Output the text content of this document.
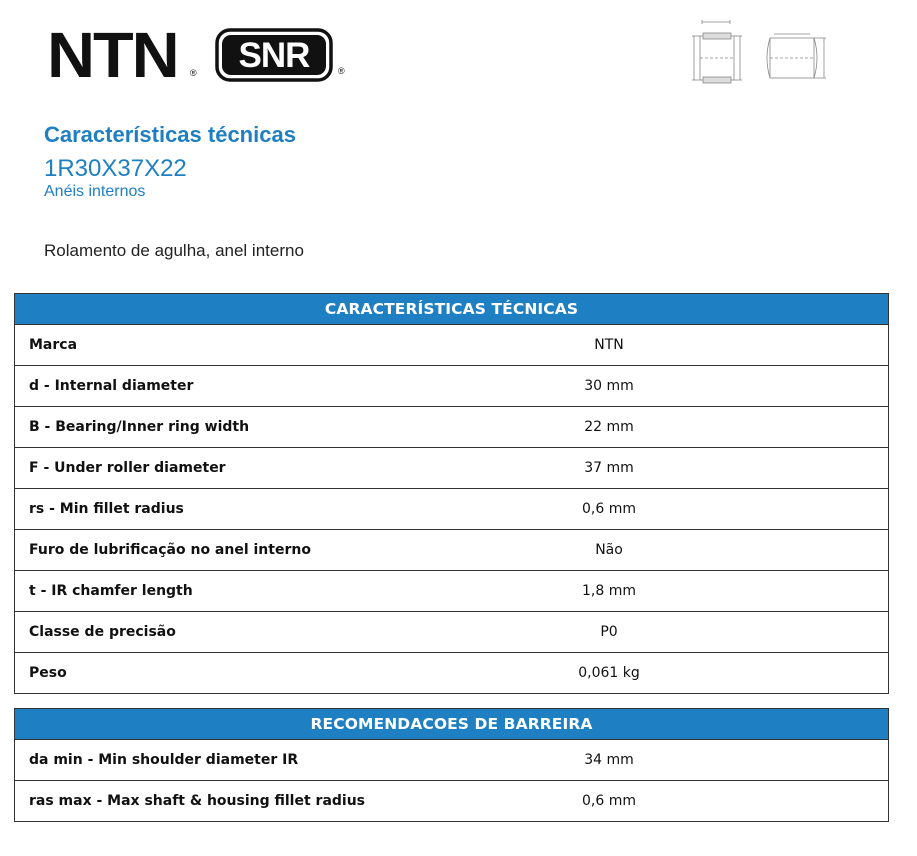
NTN ® SNR	®
Características técnicas
1R30X37X22
Anéis internos
Rolamento de agulha, anel interno
CARACTERÍSTICAS TÉCNICAS
Marca	NTN
d - Internal diameter	30 mm
B - Bearing/Inner ring width	22 mm
F - Under roller diameter	37 mm
rs - Min fillet radius	0,6 mm
Furo de lubrificação no anel interno	Não
t - IR chamfer length	1,8 mm
Classe de precisão	P0
Peso	0,061 kg
RECOMENDACOES DE BARREIRA
da min - Min shoulder diameter IR	34 mm
ras max - Max shaft & housing fillet radius	0,6 mm
